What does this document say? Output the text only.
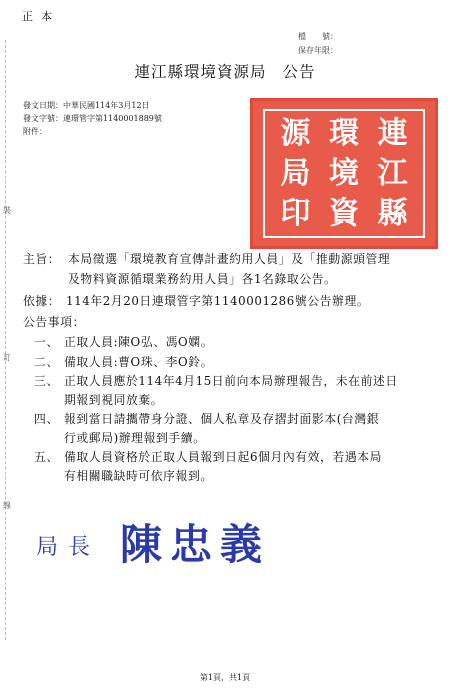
裝
訂
線
正本
檔　　號：
保存年限：
連江縣環境資源局 公告
發文日期：中華民國114年3月12日
發文字號：連環管字第1140001889號
附件：	連
江
縣
環
境
資
源
局
印
主旨： 本局徵選「環境教育宣傳計畫約用人員」及「推動源頭管理
及物料資源循環業務約用人員」各1名錄取公告。
依據： 114年2月20日連環管字第1140001286號公告辦理。
公告事項：
一、 正取人員:陳O弘、馮O嫻。
二、 備取人員:曹O珠、李O鈴。
三、 正取人員應於114年4月15日前向本局辦理報告，未在前述日
期報到視同放棄。
四、 報到當日請攜帶身分證、個人私章及存摺封面影本(台灣銀
行或郵局)辦理報到手續。
五、 備取人員資格於正取人員報到日起6個月內有效，若遇本局
有相關職缺時可依序報到。
局長 陳忠義
第1頁，共1頁
